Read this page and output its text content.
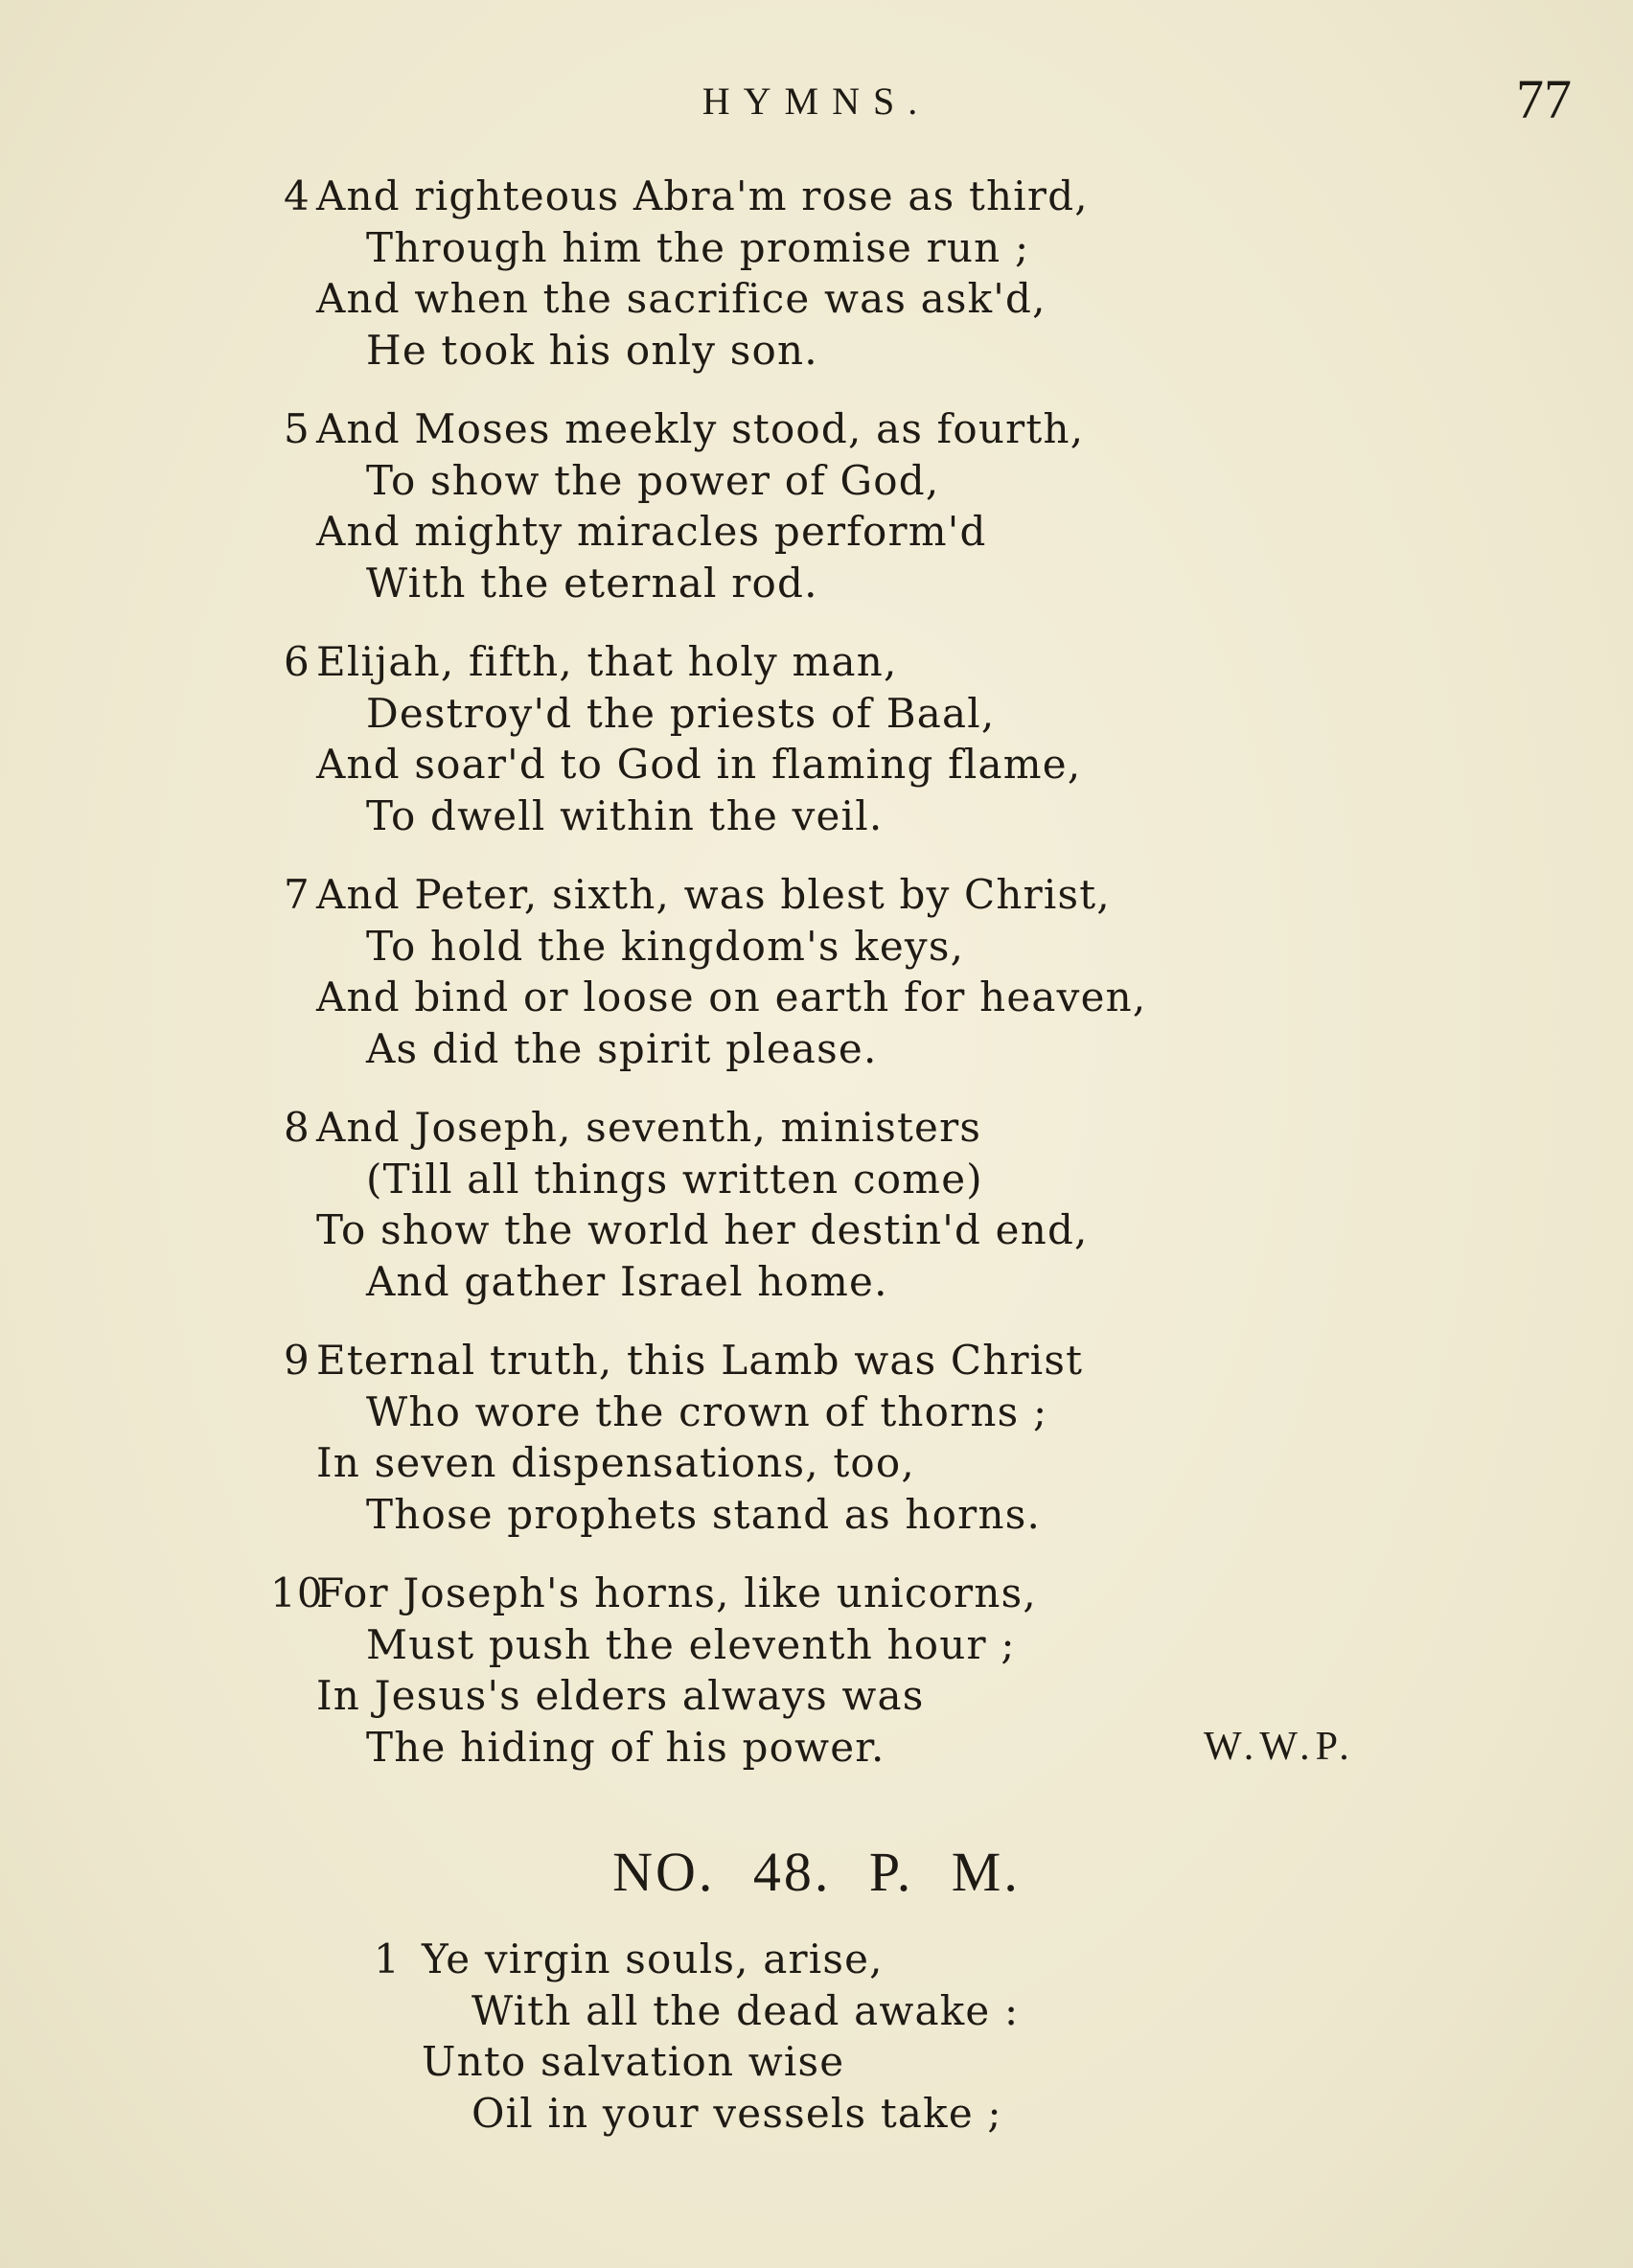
HYMNS.	77
4 And righteous Abra'm rose as third,
Through him the promise run ;
And when the sacrifice was ask'd,
He took his only son.
5 And Moses meekly stood, as fourth,
To show the power of God,
And mighty miracles perform'd
With the eternal rod.
6 Elijah, fifth, that holy man,
Destroy'd the priests of Baal,
And soar'd to God in flaming flame,
To dwell within the veil.
7 And Peter, sixth, was blest by Christ,
To hold the kingdom's keys,
And bind or loose on earth for heaven,
As did the spirit please.
8 And Joseph, seventh, ministers
(Till all things written come)
To show the world her destin'd end,
And gather Israel home.
9 Eternal truth, this Lamb was Christ
Who wore the crown of thorns ;
In seven dispensations, too,
Those prophets stand as horns.
10
For Joseph's horns, like unicorns,
Must push the eleventh hour ;
In Jesus's elders always was
The hiding of his power.	W.W.P.
NO. 48. P. M.
1 Ye virgin souls, arise,
With all the dead awake :
Unto salvation wise
Oil in your vessels take ;
